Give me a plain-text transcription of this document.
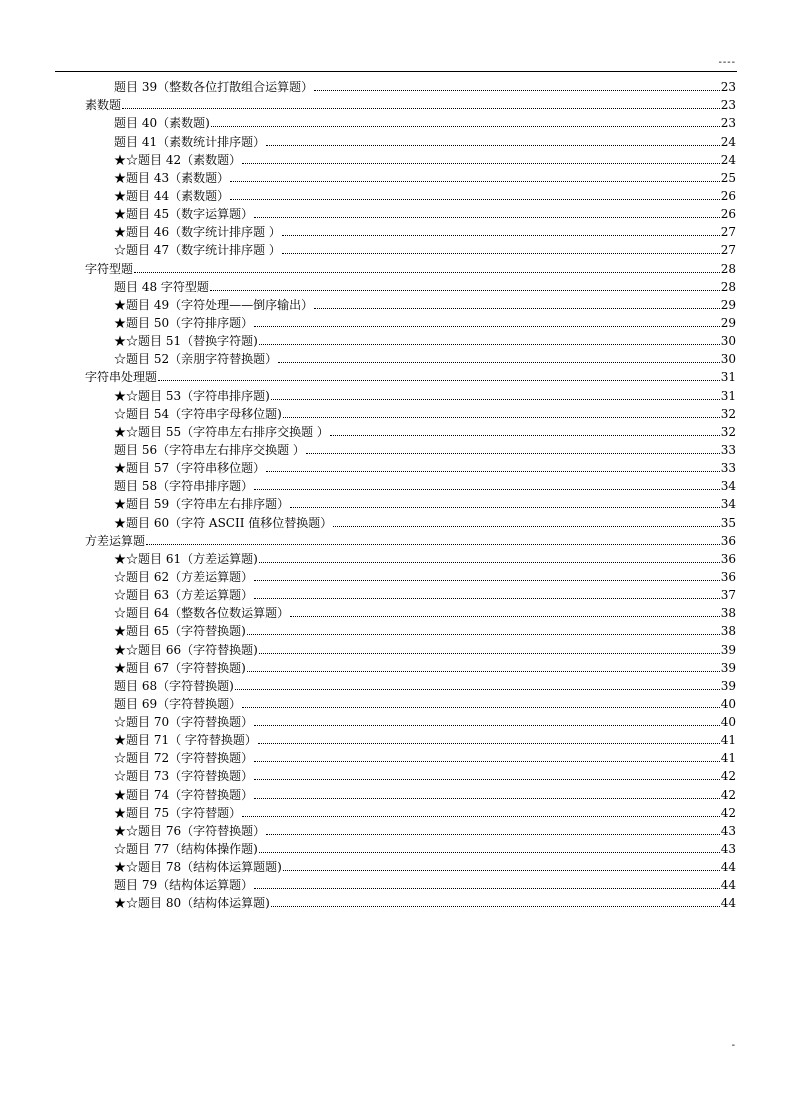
----
题目 39（整数各位打散组合运算题）	23
素数题	23
题目 40（素数题)	23
题目 41（素数统计排序题）	24
★☆题目 42（素数题）	24
★题目 43（素数题）	25
★题目 44（素数题）	26
★题目 45（数字运算题）	26
★题目 46（数字统计排序题 ）	27
☆题目 47（数字统计排序题 ）	27
字符型题	28
题目 48 字符型题	28
★题目 49（字符处理——倒序输出）	29
★题目 50（字符排序题）	29
★☆题目 51（替换字符题)	30
☆题目 52（亲朋字符替换题）	30
字符串处理题	31
★☆题目 53（字符串排序题)	31
☆题目 54（字符串字母移位题)	32
★☆题目 55（字符串左右排序交换题 ）	32
题目 56（字符串左右排序交换题 ）	33
★题目 57（字符串移位题）	33
题目 58（字符串排序题）	34
★题目 59（字符串左右排序题）	34
★题目 60（字符 ASCII 值移位替换题）	35
方差运算题	36
★☆题目 61（方差运算题)	36
☆题目 62（方差运算题）	36
☆题目 63（方差运算题）	37
☆题目 64（整数各位数运算题）	38
★题目 65（字符替换题)	38
★☆题目 66（字符替换题)	39
★题目 67（字符替换题)	39
题目 68（字符替换题)	39
题目 69（字符替换题）	40
☆题目 70（字符替换题）	40
★题目 71（ 字符替换题）	41
☆题目 72（字符替换题）	41
☆题目 73（字符替换题）	42
★题目 74（字符替换题）	42
★题目 75（字符替题）	42
★☆题目 76（字符替换题）	43
☆题目 77（结构体操作题)	43
★☆题目 78（结构体运算题题)	44
题目 79（结构体运算题）	44
★☆题目 80（结构体运算题)	44
-
